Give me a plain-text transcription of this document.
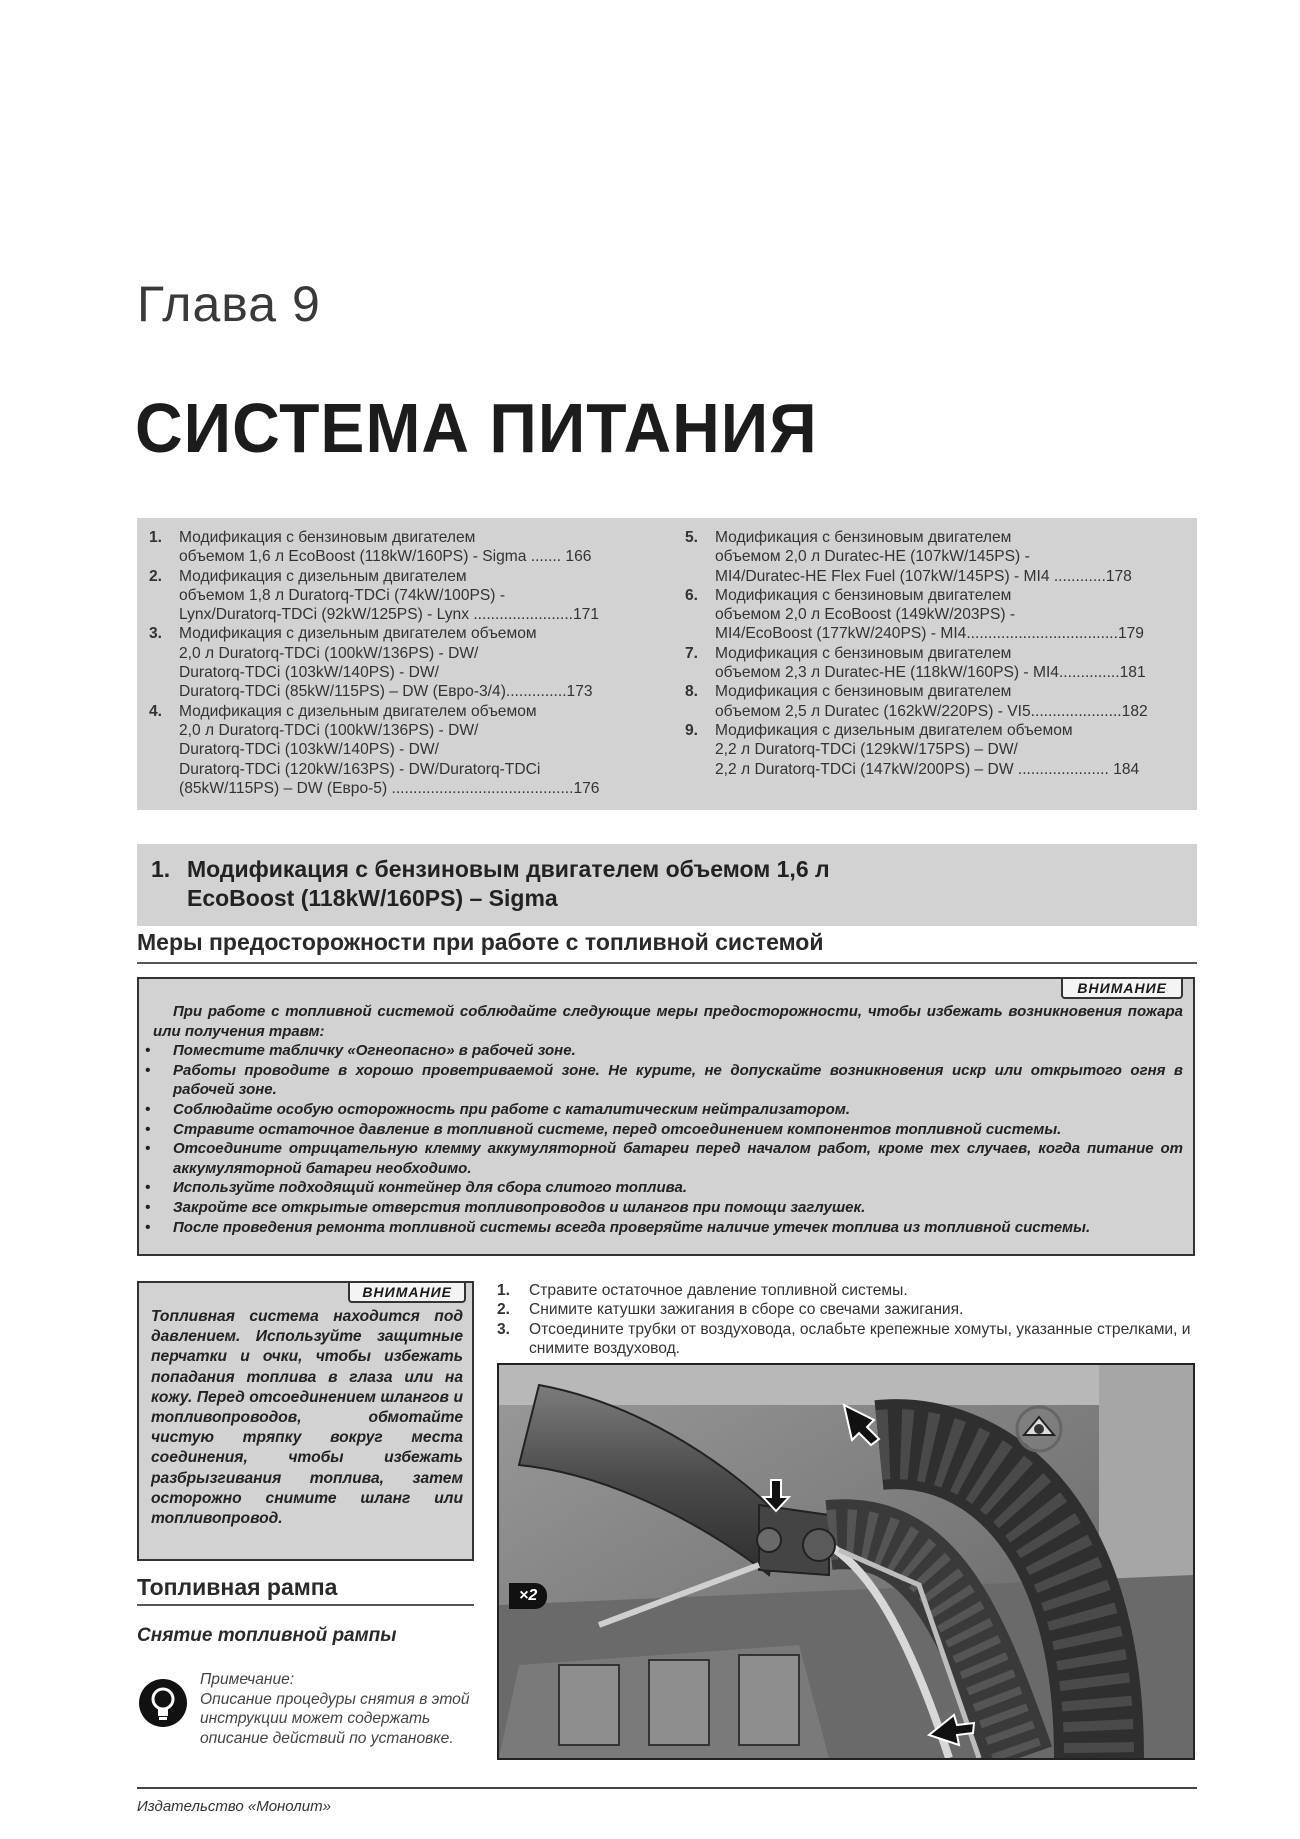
Глава 9
СИСТЕМА ПИТАНИЯ
1.	Модификация с бензиновым двигателем
объемом 1,6 л EcoBoost (118kW/160PS) - Sigma ....... 166
2.	Модификация с дизельным двигателем
объемом 1,8 л Duratorq-TDCi (74kW/100PS) -
Lynx/Duratorq-TDCi (92kW/125PS) - Lynx .......................171
3.	Модификация с дизельным двигателем объемом
2,0 л Duratorq-TDCi (100kW/136PS) - DW/
Duratorq-TDCi (103kW/140PS) - DW/
Duratorq-TDCi (85kW/115PS) – DW (Евро-3/4)..............173
4.	Модификация с дизельным двигателем объемом
2,0 л Duratorq-TDCi (100kW/136PS) - DW/
Duratorq-TDCi (103kW/140PS) - DW/
Duratorq-TDCi (120kW/163PS) - DW/Duratorq-TDCi
(85kW/115PS) – DW (Евро-5) ..........................................176
5.	Модификация с бензиновым двигателем
объемом 2,0 л Duratec-HE (107kW/145PS) -
MI4/Duratec-HE Flex Fuel (107kW/145PS) - MI4 ............178
6.	Модификация с бензиновым двигателем
объемом 2,0 л EcoBoost (149kW/203PS) -
MI4/EcoBoost (177kW/240PS) - MI4...................................179
7.	Модификация с бензиновым двигателем
объемом 2,3 л Duratec-HE (118kW/160PS) - MI4..............181
8.	Модификация с бензиновым двигателем
объемом 2,5 л Duratec (162kW/220PS) - VI5.....................182
9.	Модификация с дизельным двигателем объемом
2,2 л Duratorq-TDCi (129kW/175PS) – DW/
2,2 л Duratorq-TDCi (147kW/200PS) – DW ..................... 184
1. Модификация с бензиновым двигателем объемом 1,6 л
EcoBoost (118kW/160PS) – Sigma
Меры предосторожности при работе с топливной системой
ВНИМАНИЕ

При работе с топливной системой соблюдайте следующие меры предосторожности, чтобы избежать возникновения пожара или получения травм:

• Поместите табличку «Огнеопасно» в рабочей зоне.
• Работы проводите в хорошо проветриваемой зоне. Не курите, не допускайте возникновения искр или открытого огня в рабочей зоне.
• Соблюдайте особую осторожность при работе с каталитическим нейтрализатором.
• Стравите остаточное давление в топливной системе, перед отсоединением компонентов топливной системы.
• Отсоедините отрицательную клемму аккумуляторной батареи перед началом работ, кроме тех случаев, когда питание от аккумуляторной батареи необходимо.
• Используйте подходящий контейнер для сбора слитого топлива.
• Закройте все открытые отверстия топливопроводов и шлангов при помощи заглушек.
• После проведения ремонта топливной системы всегда проверяйте наличие утечек топлива из топливной системы.
ВНИМАНИЕ
Топливная система находится под давлением. Используйте защитные перчатки и очки, чтобы избежать попадания топлива в глаза или на кожу. Перед отсоединением шлангов и топливопроводов, обмотайте чистую тряпку вокруг места соединения, чтобы избежать разбрызгивания топлива, затем осторожно снимите шланг или топливопровод.
1.	Стравите остаточное давление топливной системы.
2.	Снимите катушки зажигания в сборе со свечами зажигания.
3.	Отсоедините трубки от воздуховода, ослабьте крепежные хомуты, указанные стрелками, и снимите воздуховод.
×2
Топливная рампа
Снятие топливной рампы
Примечание:
Описание процедуры снятия в этой инструкции может содержать описание действий по установке.
Издательство «Монолит»
